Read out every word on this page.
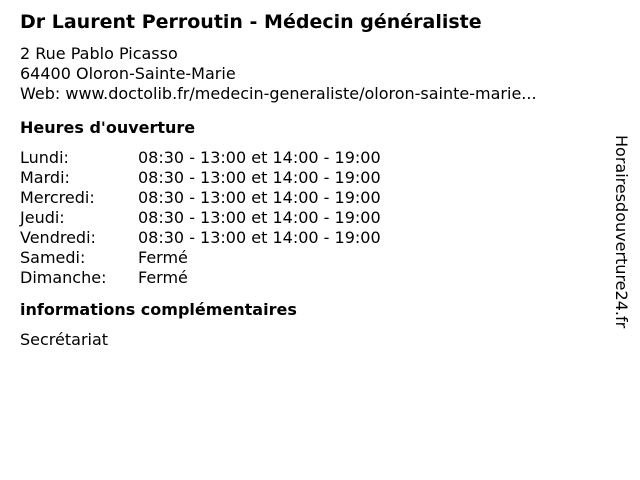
Dr Laurent Perroutin - Médecin généraliste
2 Rue Pablo Picasso
64400 Oloron-Sainte-Marie
Web: www.doctolib.fr/medecin-generaliste/oloron-sainte-marie...
Heures d'ouverture
Lundi:	08:30 - 13:00 et 14:00 - 19:00
Mardi:	08:30 - 13:00 et 14:00 - 19:00
Mercredi:	08:30 - 13:00 et 14:00 - 19:00
Jeudi:	08:30 - 13:00 et 14:00 - 19:00
Vendredi:	08:30 - 13:00 et 14:00 - 19:00
Samedi:	Fermé
Dimanche:	Fermé
informations complémentaires
Secrétariat
Horairesdouverture24.fr
